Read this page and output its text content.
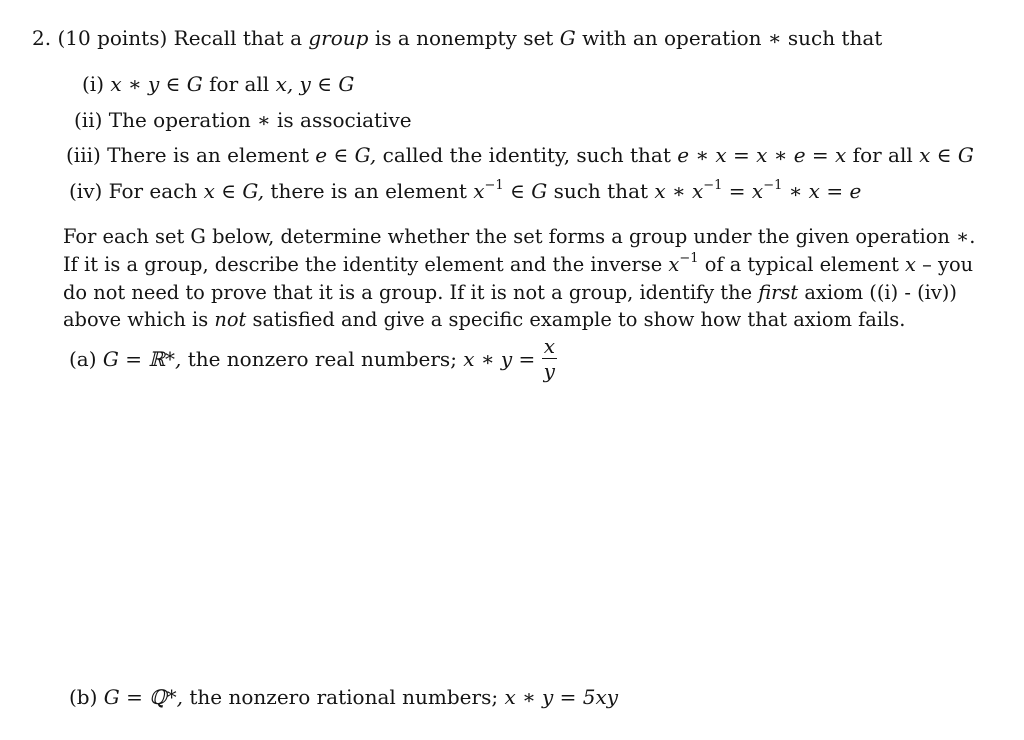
2. (10 points) Recall that a group is a nonempty set G with an operation ∗ such that
(i) x ∗ y ∈ G for all x, y ∈ G
(ii) The operation ∗ is associative
(iii) There is an element e ∈ G, called the identity, such that e ∗ x = x ∗ e = x for all x ∈ G
(iv) For each x ∈ G, there is an element $x^{-1}$ ∈ G such that x ∗ $x^{-1} = x^{-1}$ ∗ x = e
For each set G below, determine whether the set forms a group under the given operation ∗.
If it is a group, describe the identity element and the inverse $x^{-1}$ of a typical element x – you
do not need to prove that it is a group. If it is not a group, identify the first axiom ((i) - (iv))
above which is not satisfied and give a specific example to show how that axiom fails.
(a) G = ℝ*, the nonzero real numbers; x ∗ $y = \frac{x}{y}$
(b) G = ℚ*, the nonzero rational numbers; x ∗ y = 5xy
